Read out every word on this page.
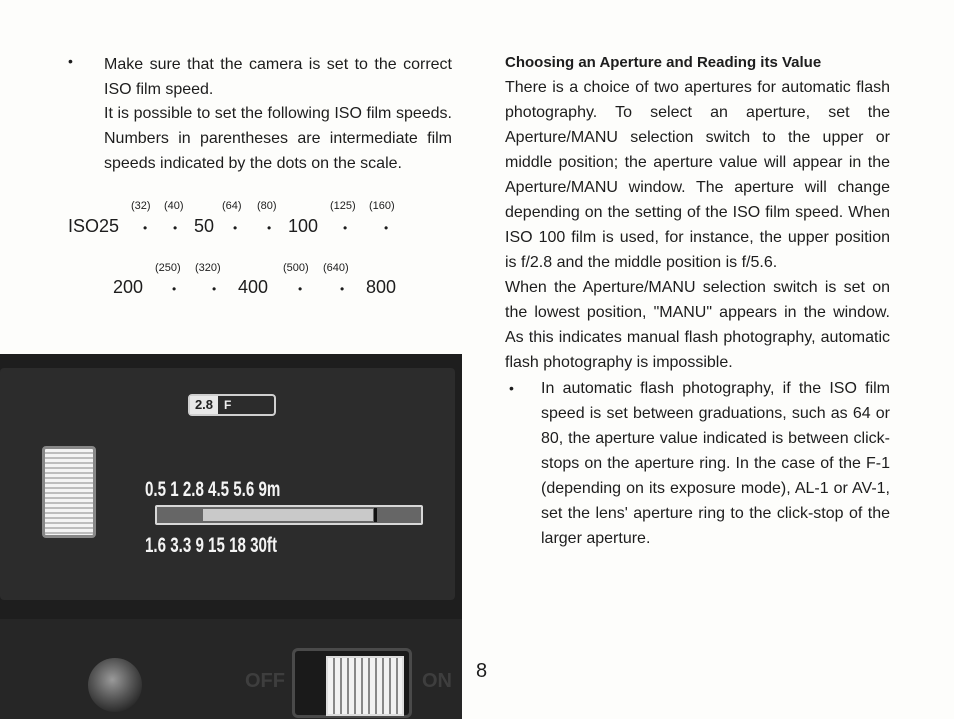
• Make sure that the camera is set to the correct ISO film speed.

It is possible to set the following ISO film speeds. Numbers in parentheses are intermediate film speeds indicated by the dots on the scale.

(32) (40)	(64) (80)	(125) (160)
ISO25 • • 50 • • 100 •	•
(250) (320)	(500) (640)
200 •	• 400 •	• 800
2.8 F
0.5 1 2.8 4.5 5.6 9m
1.6 3.3 9 15 18 30ft
OFF	ON 8

Choosing an Aperture and Reading its Value

There is a choice of two apertures for automatic flash photography. To select an aperture, set the Aperture/MANU selection switch to the upper or middle position; the aperture value will appear in the Aperture/MANU window. The aperture will change depending on the setting of the ISO film speed. When ISO 100 film is used, for instance, the upper position is f/2.8 and the middle position is f/5.6.

When the Aperture/MANU selection switch is set on the lowest position, "MANU" appears in the window. As this indicates manual flash photography, automatic flash photography is impossible.

• In automatic flash photography, if the ISO film speed is set between graduations, such as 64 or 80, the aperture value indicated is between click-stops on the aperture ring. In the case of the F-1 (depending on its exposure mode), AL-1 or AV-1, set the lens' aperture ring to the click-stop of the larger aperture.
